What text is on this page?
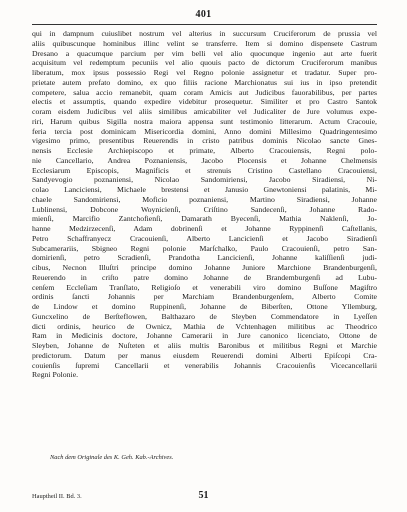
401
qui in dampnum cuiuslibet nostrum vel alterius in succursum Cruciferorum de prussia vel
aliis quibuscunque hominibus illinc velint se transferre. Item si domino dispensete Castrum
Dresano a quacumque parcium per vim belli vel alio quocunque ingenio aut arte fuerit
acquisitum vel redemptum pecuniis vel alio quouis pacto de dictorum Cruciferorum manibus
liberatum, mox ipsus possessio Regi vel Regno polonie assignetur et tradatur. Super pro-
prietate autem prefato domino, ex quo filiis racione Marchionatus sui ius in ipso pretendit
competere, salua accio remanebit, quam coram Amicis aut Judicibus fauorabilibus, per partes
electis et assumptis, quando expedire videbitur prosequetur. Similiter et pro Castro Santok
coram eisdem Judicibus vel aliis similibus amicabiliter vel Judicaliter de Jure volumus expe-
riri, Harum quibus Sigilla nostra maiora appensa sunt testimonio litterarum. Actum Cracouie,
feria tercia post dominicam Misericordia domini, Anno domini Millesimo Quadringentesimo
vigesimo primo, presentibus Reuerendis in cristo patribus dominis Nicolao sancte Gnes-
nensis Ecclesie Archiepiscopo et primate, Alberto Cracouiensis, Regni polo-
nie Cancellario, Andrea Poznaniensis, Jacobo Plocensis et Johanne Chelmensis
Ecclesiarum Episcopis, Magnificis et strenuis Cristino Castellano Cracouiensi,
Sandyevogio poznaniensi, Nicolao Sandomiriensi, Jacobo Siradiensi, Ni-
colao Lanciciensi, Michaele brestensi et Janusio Gnewtoniensi palatinis, Mi-
chaele Sandomiriensi, Moficio poznaniensi, Martino Siradiensi, Johanne
Lublinensi, Dobcone Woynicienſi, Criſtino Sandecenſi, Johanne Rado-
mienſi, Marcifio Zantchofienſi, Damarath Byecenſi, Mathia Naklenſi, Jo-
hanne Medzirzecenſi, Adam dobrinenſi et Johanne Ryppinenſi Caſtellanis,
Petro Schaffranyecz Cracouienſi, Alberto Lancicienſi et Jacobo Siradienſi
Subcamerariis, Sbigneo Regni polonie Marſchalko, Paulo Cracouienſi, petro San-
domirienſi, petro Scradienſi, Prandotha Lancicienſi, Johanne kaliſſienſi judi-
cibus, Necnon Illuſtri principe domino Johanne Juniore Marchione Brandenburgenſi,
Reuerendo in criſto patre domino Johanne de Brandemburgenſi ad Lubu-
cenſem Eccleſiam Tranſlato, Religioſo et venerabili viro domino Buſſone Magiſtro
ordinis ſancti Johannis per Marchiam Brandenburgenſem, Alberto Comite
de Lindow et domino Ruppinenſi, Johanne de Biberſten, Ottone Yllemburg,
Guncxelino de Berſteflowen, Balthazaro de Sleyben Commendatore in Lyeſſen
dicti ordinis, heurico de Ownicz, Mathia de Vchtenhagen militibus ac Theodrico
Ram in Medicinis doctore, Johanne Camerarii in Jure canonico licenciato, Ottone de
Sleyben, Johanne de Nuſteten et aliis multis Baronibus et militibus Regni et Marchie
predictorum. Datum per manus eiusdem Reuerendi domini Alberti Epiſcopi Cra-
couienſis ſupremi Cancellarii et venerabilis Johannis Cracouienſis Vicecancellarii
Regni Polonie.
Nach dem Originale des K. Geh. Kab.-Archives.
Hauptheil II. Bd. 3.	51
